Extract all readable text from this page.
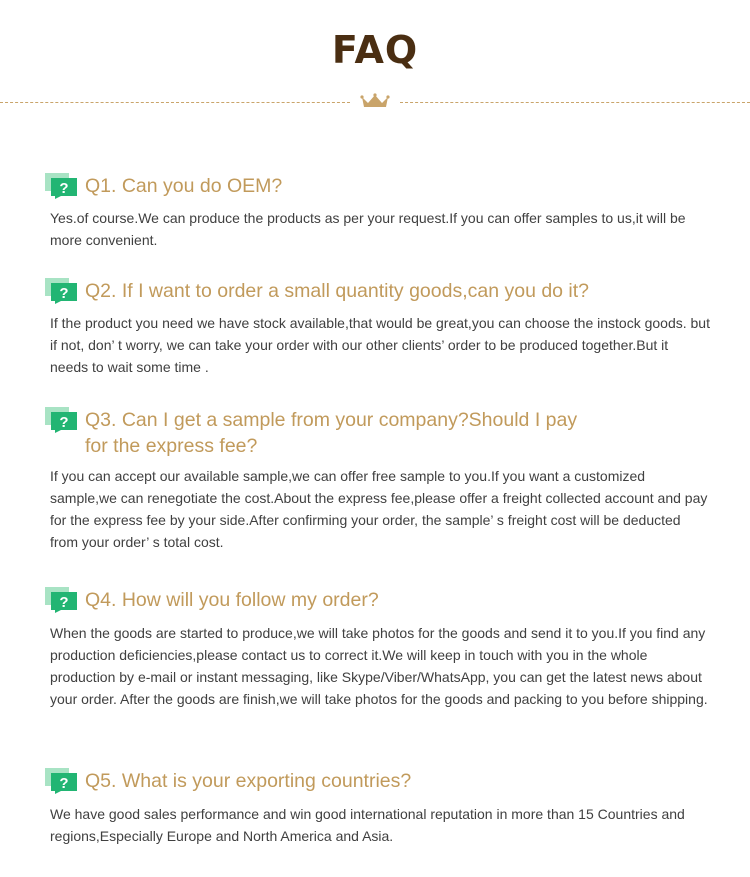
FAQ
? Q1. Can you do OEM?

Yes.of course.We can produce the products as per your request.If you can offer samples to us,it will be more convenient.

? Q2. If I want to order a small quantity goods,can you do it?

If the product you need we have stock available,that would be great,you can choose the instock goods. but if not, don’ t worry, we can take your order with our other clients’ order to be produced together.But it needs to wait some time .

? Q3. Can I get a sample from your company?Should I pay for the express fee?

If you can accept our available sample,we can offer free sample to you.If you want a customized sample,we can renegotiate the cost.About the express fee,please offer a freight collected account and pay for the express fee by your side.After confirming your order, the sample’ s freight cost will be deducted from your order’ s total cost.

? Q4. How will you follow my order?

When the goods are started to produce,we will take photos for the goods and send it to you.If you find any production deficiencies,please contact us to correct it.We will keep in touch with you in the whole production by e-mail or instant messaging, like Skype/Viber/WhatsApp, you can get the latest news about your order. After the goods are finish,we will take photos for the goods and packing to you before shipping.

? Q5. What is your exporting countries?

We have good sales performance and win good international reputation in more than 15 Countries and regions,Especially Europe and North America and Asia.
